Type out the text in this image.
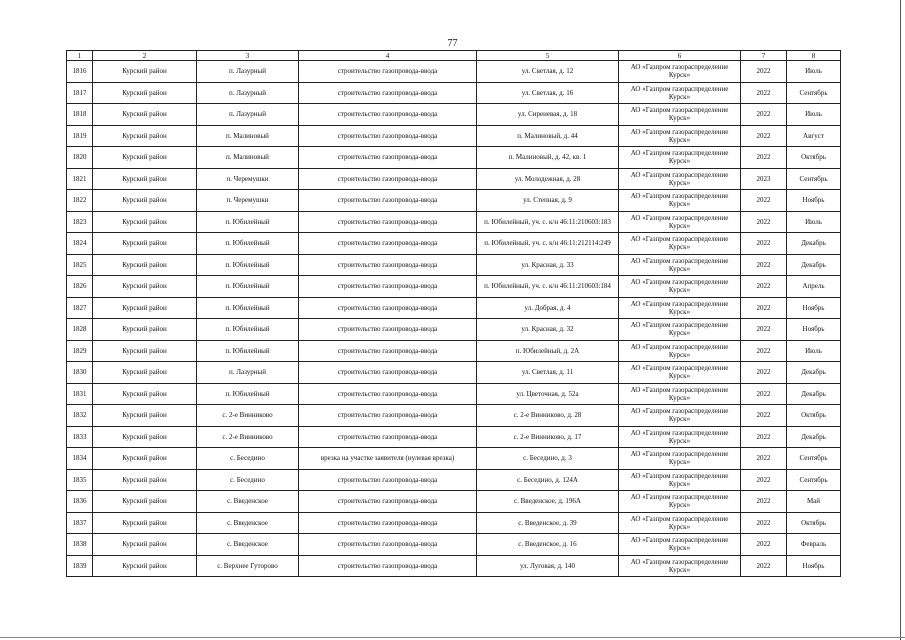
77
1	2	3	4	5	6	7	8
1816	Курский район	п. Лазурный	строительство газопровода-ввода	ул. Светлая, д. 12	АО «Газпром газораспределение Курск»	2022	Июль
1817	Курский район	п. Лазурный	строительство газопровода-ввода	ул. Светлая, д. 16	АО «Газпром газораспределение Курск»	2022	Сентябрь
1818	Курский район	п. Лазурный	строительство газопровода-ввода	ул. Сиреневая, д. 18	АО «Газпром газораспределение Курск»	2022	Июль
1819	Курский район	п. Малиновый	строительство газопровода-ввода	п. Малиновый, д. 44	АО «Газпром газораспределение Курск»	2022	Август
1820	Курский район	п. Малиновый	строительство газопровода-ввода	п. Малиновый, д. 42, кв. 1	АО «Газпром газораспределение Курск»	2022	Октябрь
1821	Курский район	п. Черемушки	строительство газопровода-ввода	ул. Молодежная, д. 28	АО «Газпром газораспределение Курск»	2023	Сентябрь
1822	Курский район	п. Черемушки	строительство газопровода-ввода	ул. Степная, д. 9	АО «Газпром газораспределение Курск»	2022	Ноябрь
1823	Курский район	п. Юбилейный	строительство газопровода-ввода	п. Юбилейный, уч. с. к/н 46:11:210603:183	АО «Газпром газораспределение Курск»	2022	Июль
1824	Курский район	п. Юбилейный	строительство газопровода-ввода	п. Юбилейный, уч. с. к/н 46:11:212114:249	АО «Газпром газораспределение Курск»	2022	Декабрь
1825	Курский район	п. Юбилейный	строительство газопровода-ввода	ул. Красная, д. 33	АО «Газпром газораспределение Курск»	2022	Декабрь
1826	Курский район	п. Юбилейный	строительство газопровода-ввода	п. Юбилейный, уч. с. к/н 46:11:210603:184	АО «Газпром газораспределение Курск»	2022	Апрель
1827	Курский район	п. Юбилейный	строительство газопровода-ввода	ул. Добрая, д. 4	АО «Газпром газораспределение Курск»	2022	Ноябрь
1828	Курский район	п. Юбилейный	строительство газопровода-ввода	ул. Красная, д. 32	АО «Газпром газораспределение Курск»	2022	Ноябрь
1829	Курский район	п. Юбилейный	строительство газопровода-ввода	п. Юбилейный, д. 2А	АО «Газпром газораспределение Курск»	2022	Июль
1830	Курский район	п. Лазурный	строительство газопровода-ввода	ул. Светлая, д. 11	АО «Газпром газораспределение Курск»	2022	Декабрь
1831	Курский район	п. Юбилейный	строительство газопровода-ввода	ул. Цветочная, д. 52а	АО «Газпром газораспределение Курск»	2022	Декабрь
1832	Курский район	с. 2-е Винниково	строительство газопровода-ввода	с. 2-е Винниково, д. 28	АО «Газпром газораспределение Курск»	2022	Октябрь
1833	Курский район	с. 2-е Винниково	строительство газопровода-ввода	с. 2-е Винниково, д. 17	АО «Газпром газораспределение Курск»	2022	Декабрь
1834	Курский район	с. Беседино	врезка на участке заявителя (нулевая врезка)	с. Беседино, д. 3	АО «Газпром газораспределение Курск»	2022	Сентябрь
1835	Курский район	с. Беседино	строительство газопровода-ввода	с. Беседино, д. 124А	АО «Газпром газораспределение Курск»	2022	Сентябрь
1836	Курский район	с. Введенское	строительство газопровода-ввода	с. Введенское, д. 196А	АО «Газпром газораспределение Курск»	2022	Май
1837	Курский район	с. Введенское	строительство газопровода-ввода	с. Введенское, д. 39	АО «Газпром газораспределение Курск»	2022	Октябрь
1838	Курский район	с. Введенское	строительство газопровода-ввода	с. Введенское, д. 16	АО «Газпром газораспределение Курск»	2022	Февраль
1839	Курский район	с. Верхнее Гуторово	строительство газопровода-ввода	ул. Луговая, д. 140	АО «Газпром газораспределение Курск»	2022	Ноябрь
